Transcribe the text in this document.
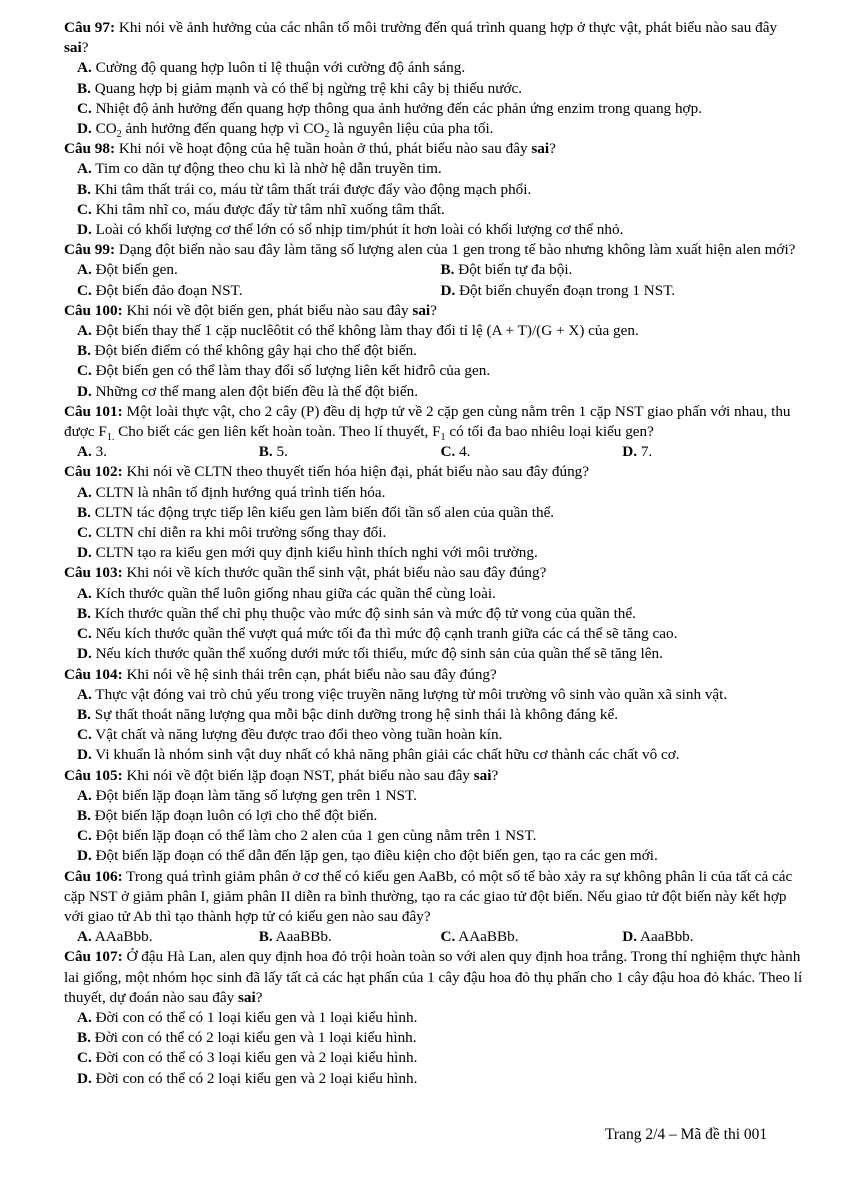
Câu 97: Khi nói về ảnh hưởng của các nhân tố môi trường đến quá trình quang hợp ở thực vật, phát biểu nào sau đây sai?

A. Cường độ quang hợp luôn tỉ lệ thuận với cường độ ánh sáng.

B. Quang hợp bị giảm mạnh và có thể bị ngừng trệ khi cây bị thiếu nước.

C. Nhiệt độ ảnh hưởng đến quang hợp thông qua ảnh hưởng đến các phản ứng enzim trong quang hợp.

D. $CO_2$ ảnh hưởng đến quang hợp vì $CO_2$ là nguyên liệu của pha tối.

Câu 98: Khi nói về hoạt động của hệ tuần hoàn ở thú, phát biểu nào sau đây sai?

A. Tim co dãn tự động theo chu kì là nhờ hệ dẫn truyền tim.

B. Khi tâm thất trái co, máu từ tâm thất trái được đẩy vào động mạch phổi.

C. Khi tâm nhĩ co, máu được đẩy từ tâm nhĩ xuống tâm thất.

D. Loài có khối lượng cơ thể lớn có số nhịp tim/phút ít hơn loài có khối lượng cơ thể nhỏ.

Câu 99: Dạng đột biến nào sau đây làm tăng số lượng alen của 1 gen trong tế bào nhưng không làm xuất hiện alen mới?

A. Đột biến gen.	B. Đột biến tự đa bội.
C. Đột biến đảo đoạn NST.	D. Đột biến chuyển đoạn trong 1 NST.

Câu 100: Khi nói về đột biến gen, phát biểu nào sau đây sai?

A. Đột biến thay thế 1 cặp nuclêôtit có thể không làm thay đổi tỉ lệ (A + T)/(G + X) của gen.

B. Đột biến điểm có thể không gây hại cho thể đột biến.

C. Đột biến gen có thể làm thay đổi số lượng liên kết hiđrô của gen.

D. Những cơ thể mang alen đột biến đều là thể đột biến.

Câu 101: Một loài thực vật, cho 2 cây (P) đều dị hợp tử về 2 cặp gen cùng nằm trên 1 cặp NST giao phấn với nhau, thu được $F_{1.}$ Cho biết các gen liên kết hoàn toàn. Theo lí thuyết, $F_1$ có tối đa bao nhiêu loại kiểu gen?

A. 3.	B. 5.	C. 4.	D. 7.

Câu 102: Khi nói về CLTN theo thuyết tiến hóa hiện đại, phát biểu nào sau đây đúng?

A. CLTN là nhân tố định hướng quá trình tiến hóa.

B. CLTN tác động trực tiếp lên kiểu gen làm biến đổi tần số alen của quần thể.

C. CLTN chỉ diễn ra khi môi trường sống thay đổi.

D. CLTN tạo ra kiểu gen mới quy định kiểu hình thích nghi với môi trường.

Câu 103: Khi nói về kích thước quần thể sinh vật, phát biểu nào sau đây đúng?

A. Kích thước quần thể luôn giống nhau giữa các quần thể cùng loài.

B. Kích thước quần thể chỉ phụ thuộc vào mức độ sinh sản và mức độ tử vong của quần thể.

C. Nếu kích thước quần thể vượt quá mức tối đa thì mức độ cạnh tranh giữa các cá thể sẽ tăng cao.

D. Nếu kích thước quần thể xuống dưới mức tối thiểu, mức độ sinh sản của quần thể sẽ tăng lên.

Câu 104: Khi nói về hệ sinh thái trên cạn, phát biểu nào sau đây đúng?

A. Thực vật đóng vai trò chủ yếu trong việc truyền năng lượng từ môi trường vô sinh vào quần xã sinh vật.

B. Sự thất thoát năng lượng qua mỗi bậc dinh dưỡng trong hệ sinh thái là không đáng kể.

C. Vật chất và năng lượng đều được trao đổi theo vòng tuần hoàn kín.

D. Vi khuẩn là nhóm sinh vật duy nhất có khả năng phân giải các chất hữu cơ thành các chất vô cơ.

Câu 105: Khi nói về đột biến lặp đoạn NST, phát biểu nào sau đây sai?

A. Đột biến lặp đoạn làm tăng số lượng gen trên 1 NST.

B. Đột biến lặp đoạn luôn có lợi cho thể đột biến.

C. Đột biến lặp đoạn có thể làm cho 2 alen của 1 gen cùng nằm trên 1 NST.

D. Đột biến lặp đoạn có thể dẫn đến lặp gen, tạo điều kiện cho đột biến gen, tạo ra các gen mới.

Câu 106: Trong quá trình giảm phân ở cơ thể có kiểu gen AaBb, có một số tế bào xảy ra sự không phân li của tất cả các cặp NST ở giảm phân I, giảm phân II diễn ra bình thường, tạo ra các giao tử đột biến. Nếu giao tử đột biến này kết hợp với giao tử Ab thì tạo thành hợp tử có kiểu gen nào sau đây?

A. AAaBbb.	B. AaaBBb.	C. AAaBBb.	D. AaaBbb.

Câu 107: Ở đậu Hà Lan, alen quy định hoa đỏ trội hoàn toàn so với alen quy định hoa trắng. Trong thí nghiệm thực hành lai giống, một nhóm học sinh đã lấy tất cả các hạt phấn của 1 cây đậu hoa đỏ thụ phấn cho 1 cây đậu hoa đỏ khác. Theo lí thuyết, dự đoán nào sau đây sai?

A. Đời con có thể có 1 loại kiểu gen và 1 loại kiểu hình.

B. Đời con có thể có 2 loại kiểu gen và 1 loại kiểu hình.

C. Đời con có thể có 3 loại kiểu gen và 2 loại kiểu hình.

D. Đời con có thể có 2 loại kiểu gen và 2 loại kiểu hình.

Trang 2/4 – Mã đề thi 001
